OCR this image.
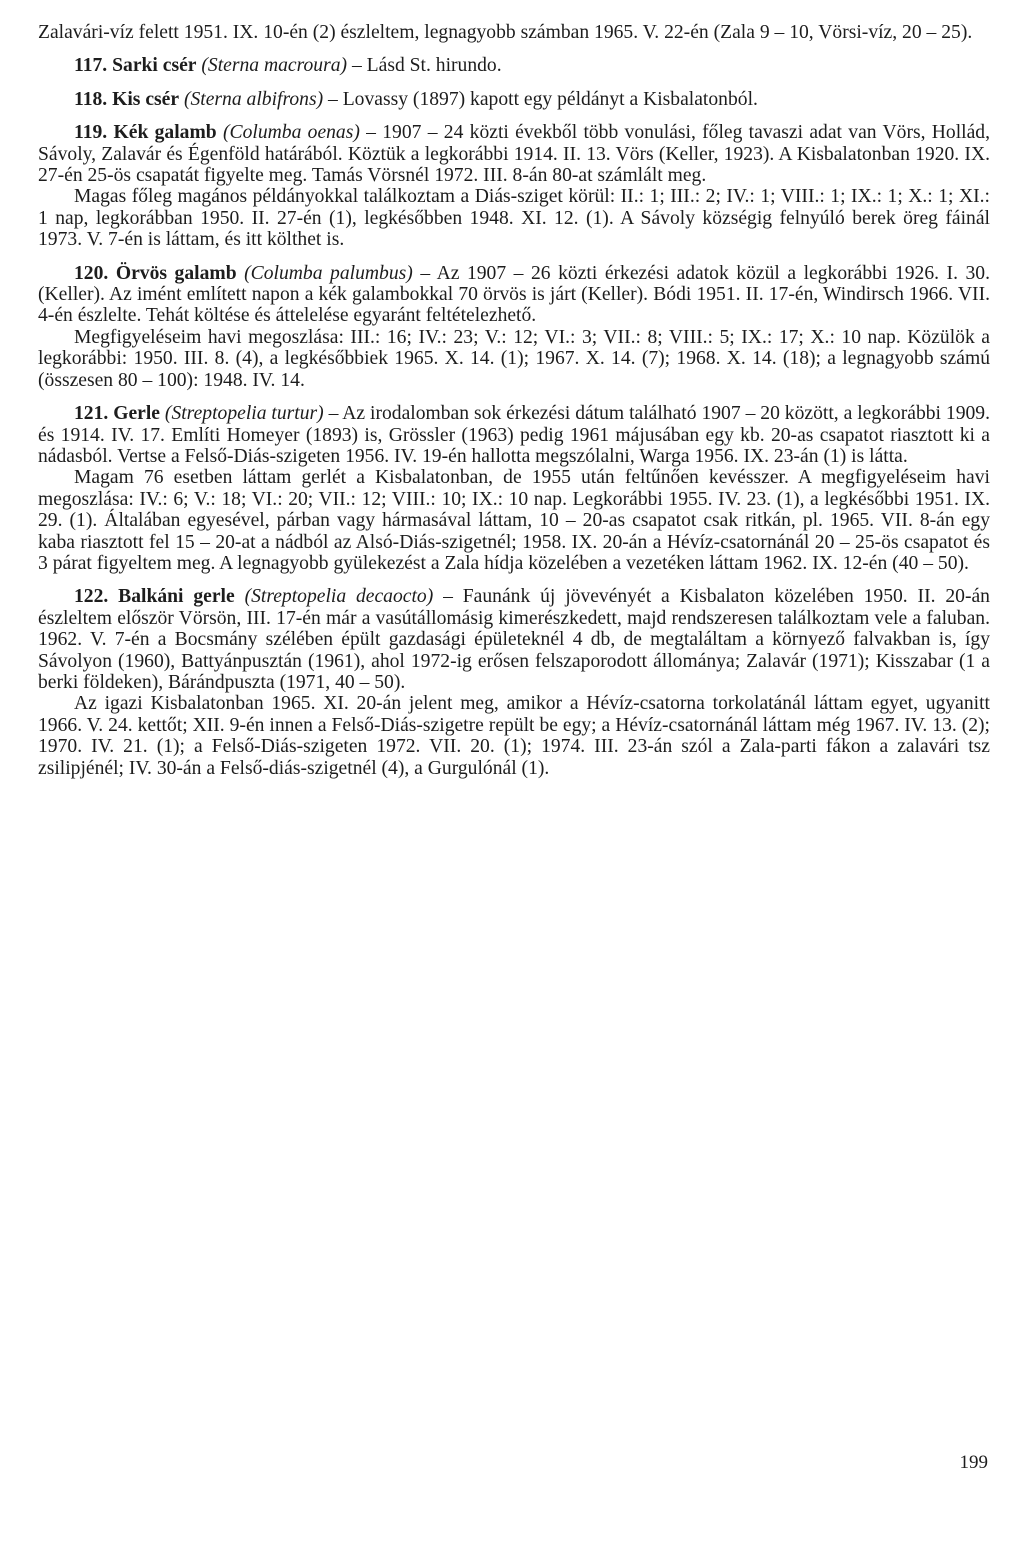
Zalavári-víz felett 1951. IX. 10-én (2) észleltem, legnagyobb számban 1965. V. 22-én (Zala 9 – 10, Vörsi-víz, 20 – 25).

117. Sarki csér (Sterna macroura) – Lásd St. hirundo.

118. Kis csér (Sterna albifrons) – Lovassy (1897) kapott egy példányt a Kisbalatonból.

119. Kék galamb (Columba oenas) – 1907 – 24 közti évekből több vonulási, főleg tavaszi adat van Vörs, Hollád, Sávoly, Zalavár és Égenföld határából. Köztük a legkorábbi 1914. II. 13. Vörs (Keller, 1923). A Kisbalatonban 1920. IX. 27-én 25-ös csapatát figyelte meg. Tamás Vörsnél 1972. III. 8-án 80-at számlált meg.

Magas főleg magános példányokkal találkoztam a Diás-sziget körül: II.: 1; III.: 2; IV.: 1; VIII.: 1; IX.: 1; X.: 1; XI.: 1 nap, legkorábban 1950. II. 27-én (1), legkésőbben 1948. XI. 12. (1). A Sávoly községig felnyúló berek öreg fáinál 1973. V. 7-én is láttam, és itt költhet is.

120. Örvös galamb (Columba palumbus) – Az 1907 – 26 közti érkezési adatok közül a legkorábbi 1926. I. 30. (Keller). Az imént említett napon a kék galambokkal 70 örvös is járt (Keller). Bódi 1951. II. 17-én, Windirsch 1966. VII. 4-én észlelte. Tehát költése és áttelelése egyaránt feltételezhető.

Megfigyeléseim havi megoszlása: III.: 16; IV.: 23; V.: 12; VI.: 3; VII.: 8; VIII.: 5; IX.: 17; X.: 10 nap. Közülök a legkorábbi: 1950. III. 8. (4), a legkésőbbiek 1965. X. 14. (1); 1967. X. 14. (7); 1968. X. 14. (18); a legnagyobb számú (összesen 80 – 100): 1948. IV. 14.

121. Gerle (Streptopelia turtur) – Az irodalomban sok érkezési dátum található 1907 – 20 között, a legkorábbi 1909. és 1914. IV. 17. Említi Homeyer (1893) is, Grössler (1963) pedig 1961 májusában egy kb. 20-as csapatot riasztott ki a nádasból. Vertse a Felső-Diás-szigeten 1956. IV. 19-én hallotta megszólalni, Warga 1956. IX. 23-án (1) is látta.

Magam 76 esetben láttam gerlét a Kisbalatonban, de 1955 után feltűnően kevésszer. A megfigyeléseim havi megoszlása: IV.: 6; V.: 18; VI.: 20; VII.: 12; VIII.: 10; IX.: 10 nap. Legkorábbi 1955. IV. 23. (1), a legkésőbbi 1951. IX. 29. (1). Általában egyesével, párban vagy hármasával láttam, 10 – 20-as csapatot csak ritkán, pl. 1965. VII. 8-án egy kaba riasztott fel 15 – 20-at a nádból az Alsó-Diás-szigetnél; 1958. IX. 20-án a Hévíz-csatornánál 20 – 25-ös csapatot és 3 párat figyeltem meg. A legnagyobb gyülekezést a Zala hídja közelében a vezetéken láttam 1962. IX. 12-én (40 – 50).

122. Balkáni gerle (Streptopelia decaocto) – Faunánk új jövevényét a Kisbalaton közelében 1950. II. 20-án észleltem először Vörsön, III. 17-én már a vasútállomásig kimerészkedett, majd rendszeresen találkoztam vele a faluban. 1962. V. 7-én a Bocsmány szélében épült gazdasági épületeknél 4 db, de megtaláltam a környező falvakban is, így Sávolyon (1960), Battyánpusztán (1961), ahol 1972-ig erősen felszaporodott állománya; Zalavár (1971); Kisszabar (1 a berki földeken), Bárándpuszta (1971, 40 – 50).

Az igazi Kisbalatonban 1965. XI. 20-án jelent meg, amikor a Hévíz-csatorna torkolatánál láttam egyet, ugyanitt 1966. V. 24. kettőt; XII. 9-én innen a Felső-Diás-szigetre repült be egy; a Hévíz-csatornánál láttam még 1967. IV. 13. (2); 1970. IV. 21. (1); a Felső-Diás-szigeten 1972. VII. 20. (1); 1974. III. 23-án szól a Zala-parti fákon a zalavári tsz zsilipjénél; IV. 30-án a Felső-diás-szigetnél (4), a Gurgulónál (1).

199
